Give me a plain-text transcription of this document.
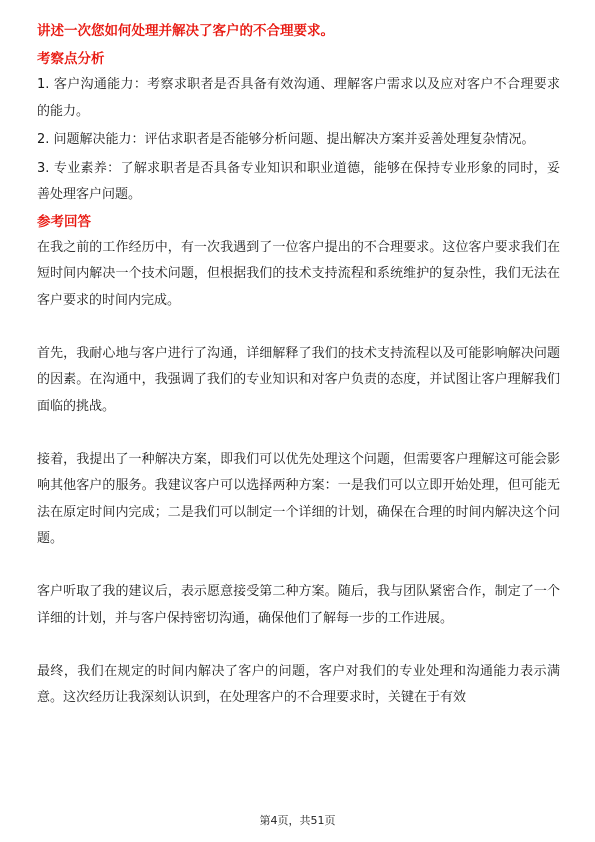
讲述一次您如何处理并解决了客户的不合理要求。
考察点分析

1. 客户沟通能力：考察求职者是否具备有效沟通、理解客户需求以及应对客户不合理要求的能力。

2. 问题解决能力：评估求职者是否能够分析问题、提出解决方案并妥善处理复杂情况。

3. 专业素养：了解求职者是否具备专业知识和职业道德，能够在保持专业形象的同时，妥善处理客户问题。

参考回答

在我之前的工作经历中，有一次我遇到了一位客户提出的不合理要求。这位客户要求我们在短时间内解决一个技术问题，但根据我们的技术支持流程和系统维护的复杂性，我们无法在客户要求的时间内完成。

首先，我耐心地与客户进行了沟通，详细解释了我们的技术支持流程以及可能影响解决问题的因素。在沟通中，我强调了我们的专业知识和对客户负责的态度，并试图让客户理解我们面临的挑战。

接着，我提出了一种解决方案，即我们可以优先处理这个问题，但需要客户理解这可能会影响其他客户的服务。我建议客户可以选择两种方案：一是我们可以立即开始处理，但可能无法在原定时间内完成；二是我们可以制定一个详细的计划，确保在合理的时间内解决这个问题。

客户听取了我的建议后，表示愿意接受第二种方案。随后，我与团队紧密合作，制定了一个详细的计划，并与客户保持密切沟通，确保他们了解每一步的工作进展。

最终，我们在规定的时间内解决了客户的问题，客户对我们的专业处理和沟通能力表示满意。这次经历让我深刻认识到，在处理客户的不合理要求时，关键在于有效

第4页，共51页
